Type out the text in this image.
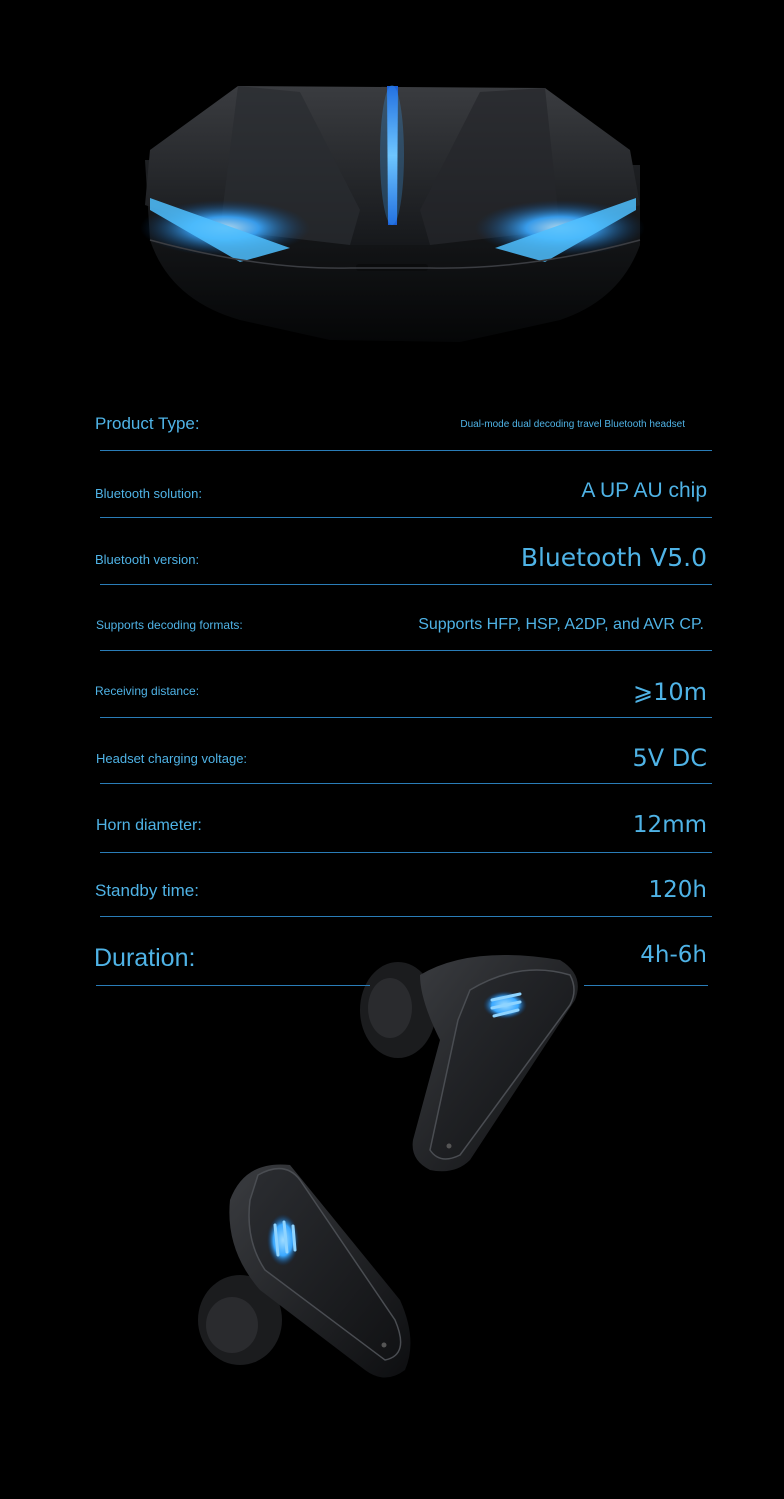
Product Type:	Dual-mode dual decoding travel Bluetooth headset
Bluetooth solution:	A UP AU chip
Bluetooth version:	Bluetooth V5.0
Supports decoding formats:	Supports HFP, HSP, A2DP, and AVR CP.
Receiving distance:	⩾10m
Headset charging voltage:	5V DC
Horn diameter:	12mm
Standby time:	120h
Duration:	4h-6h
